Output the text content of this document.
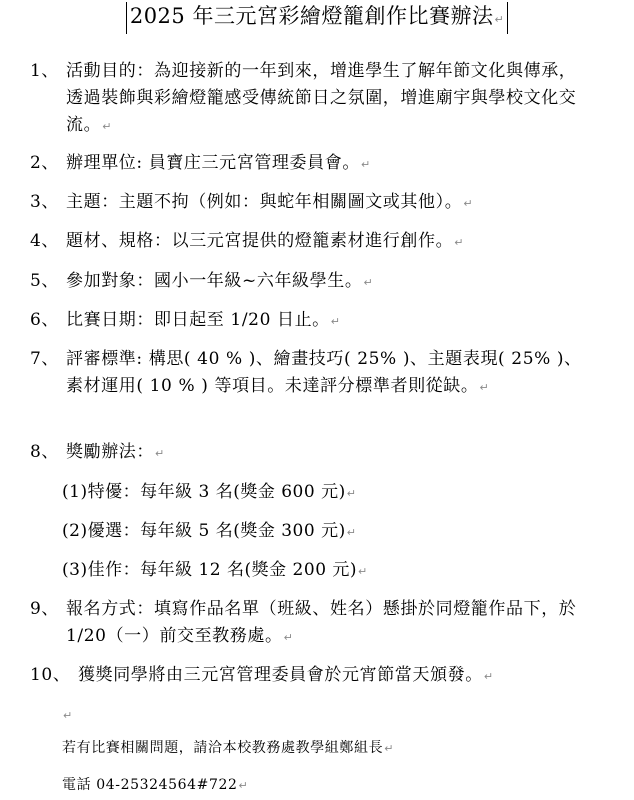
2025 年三元宮彩繪燈籠創作比賽辦法↵
1、 活動目的：為迎接新的一年到來，增進學生了解年節文化與傳承，透過裝飾與彩繪燈籠感受傳統節日之氛圍，增進廟宇與學校文化交流。↵
2、 辦理單位: 員寶庄三元宮管理委員會。↵
3、 主題：主題不拘（例如：與蛇年相關圖文或其他）。↵
4、 題材、規格：以三元宮提供的燈籠素材進行創作。↵
5、 參加對象：國小一年級~六年級學生。↵
6、 比賽日期：即日起至 1/20 日止。↵
7、 評審標準: 構思( 40 % )、繪畫技巧( 25% )、主題表現( 25% )、素材運用( 10 % ) 等項目。未達評分標準者則從缺。↵
8、 獎勵辦法：↵
(1)特優：每年級 3 名(獎金 600 元)↵
(2)優選：每年級 5 名(獎金 300 元)↵
(3)佳作：每年級 12 名(獎金 200 元)↵
9、 報名方式：填寫作品名單（班級、姓名）懸掛於同燈籠作品下，於 1/20（一）前交至教務處。↵
10、 獲獎同學將由三元宮管理委員會於元宵節當天頒發。↵
↵
若有比賽相關問題，請洽本校教務處教學組鄭組長↵
電話 04-25324564#722↵
